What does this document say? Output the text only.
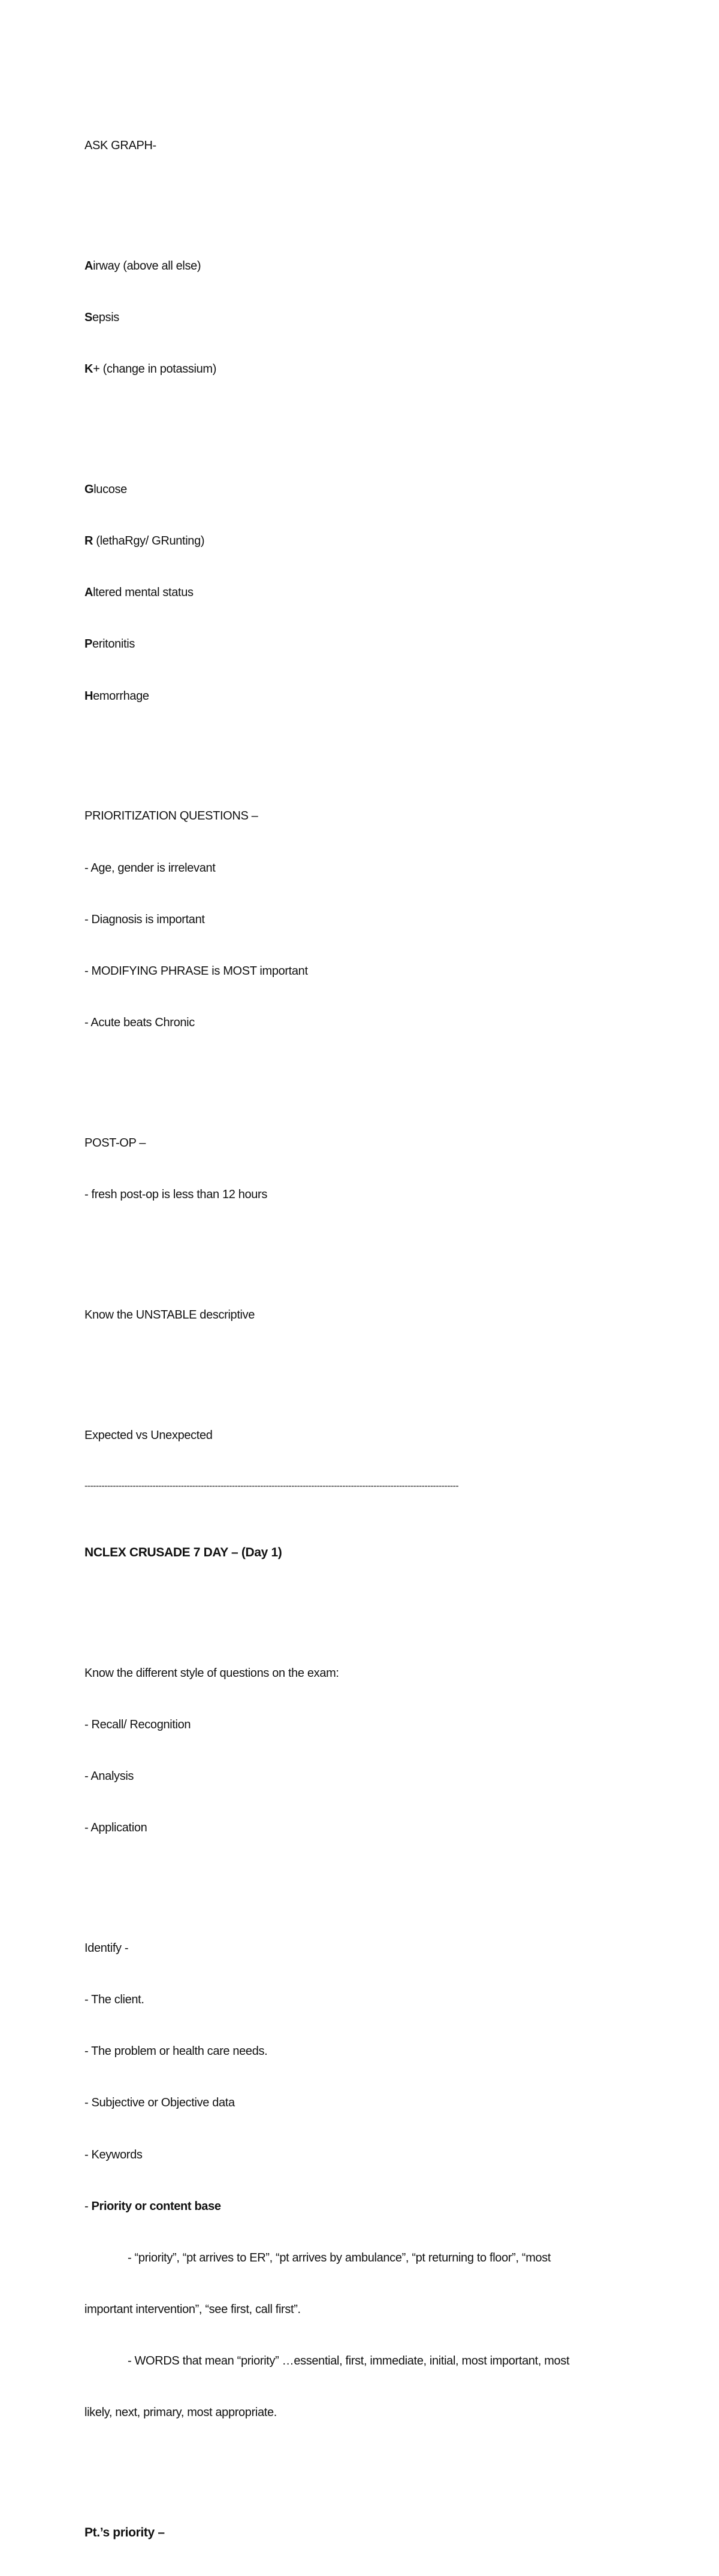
ASK GRAPH-

Airway (above all else)

Sepsis

K+ (change in potassium)

Glucose

R (lethaRgy/ GRunting)

Altered mental status

Peritonitis

Hemorrhage

PRIORITIZATION QUESTIONS –

- Age, gender is irrelevant

- Diagnosis is important

- MODIFYING PHRASE is MOST important

- Acute beats Chronic

POST-OP –

- fresh post-op is less than 12 hours

Know the UNSTABLE descriptive

Expected vs Unexpected

------------------------------------------------------------------------------------------------------------------------------------

NCLEX CRUSADE 7 DAY – (Day 1)

Know the different style of questions on the exam:

- Recall/ Recognition

- Analysis

- Application

Identify -

- The client.

- The problem or health care needs.

- Subjective or Objective data

- Keywords

- Priority or content base

- “priority”, “pt arrives to ER”, “pt arrives by ambulance”, “pt returning to floor”, “most

important intervention”, “see first, call first”.

- WORDS that mean “priority” …essential, first, immediate, initial, most important, most

likely, next, primary, most appropriate.

Pt.’s priority –
